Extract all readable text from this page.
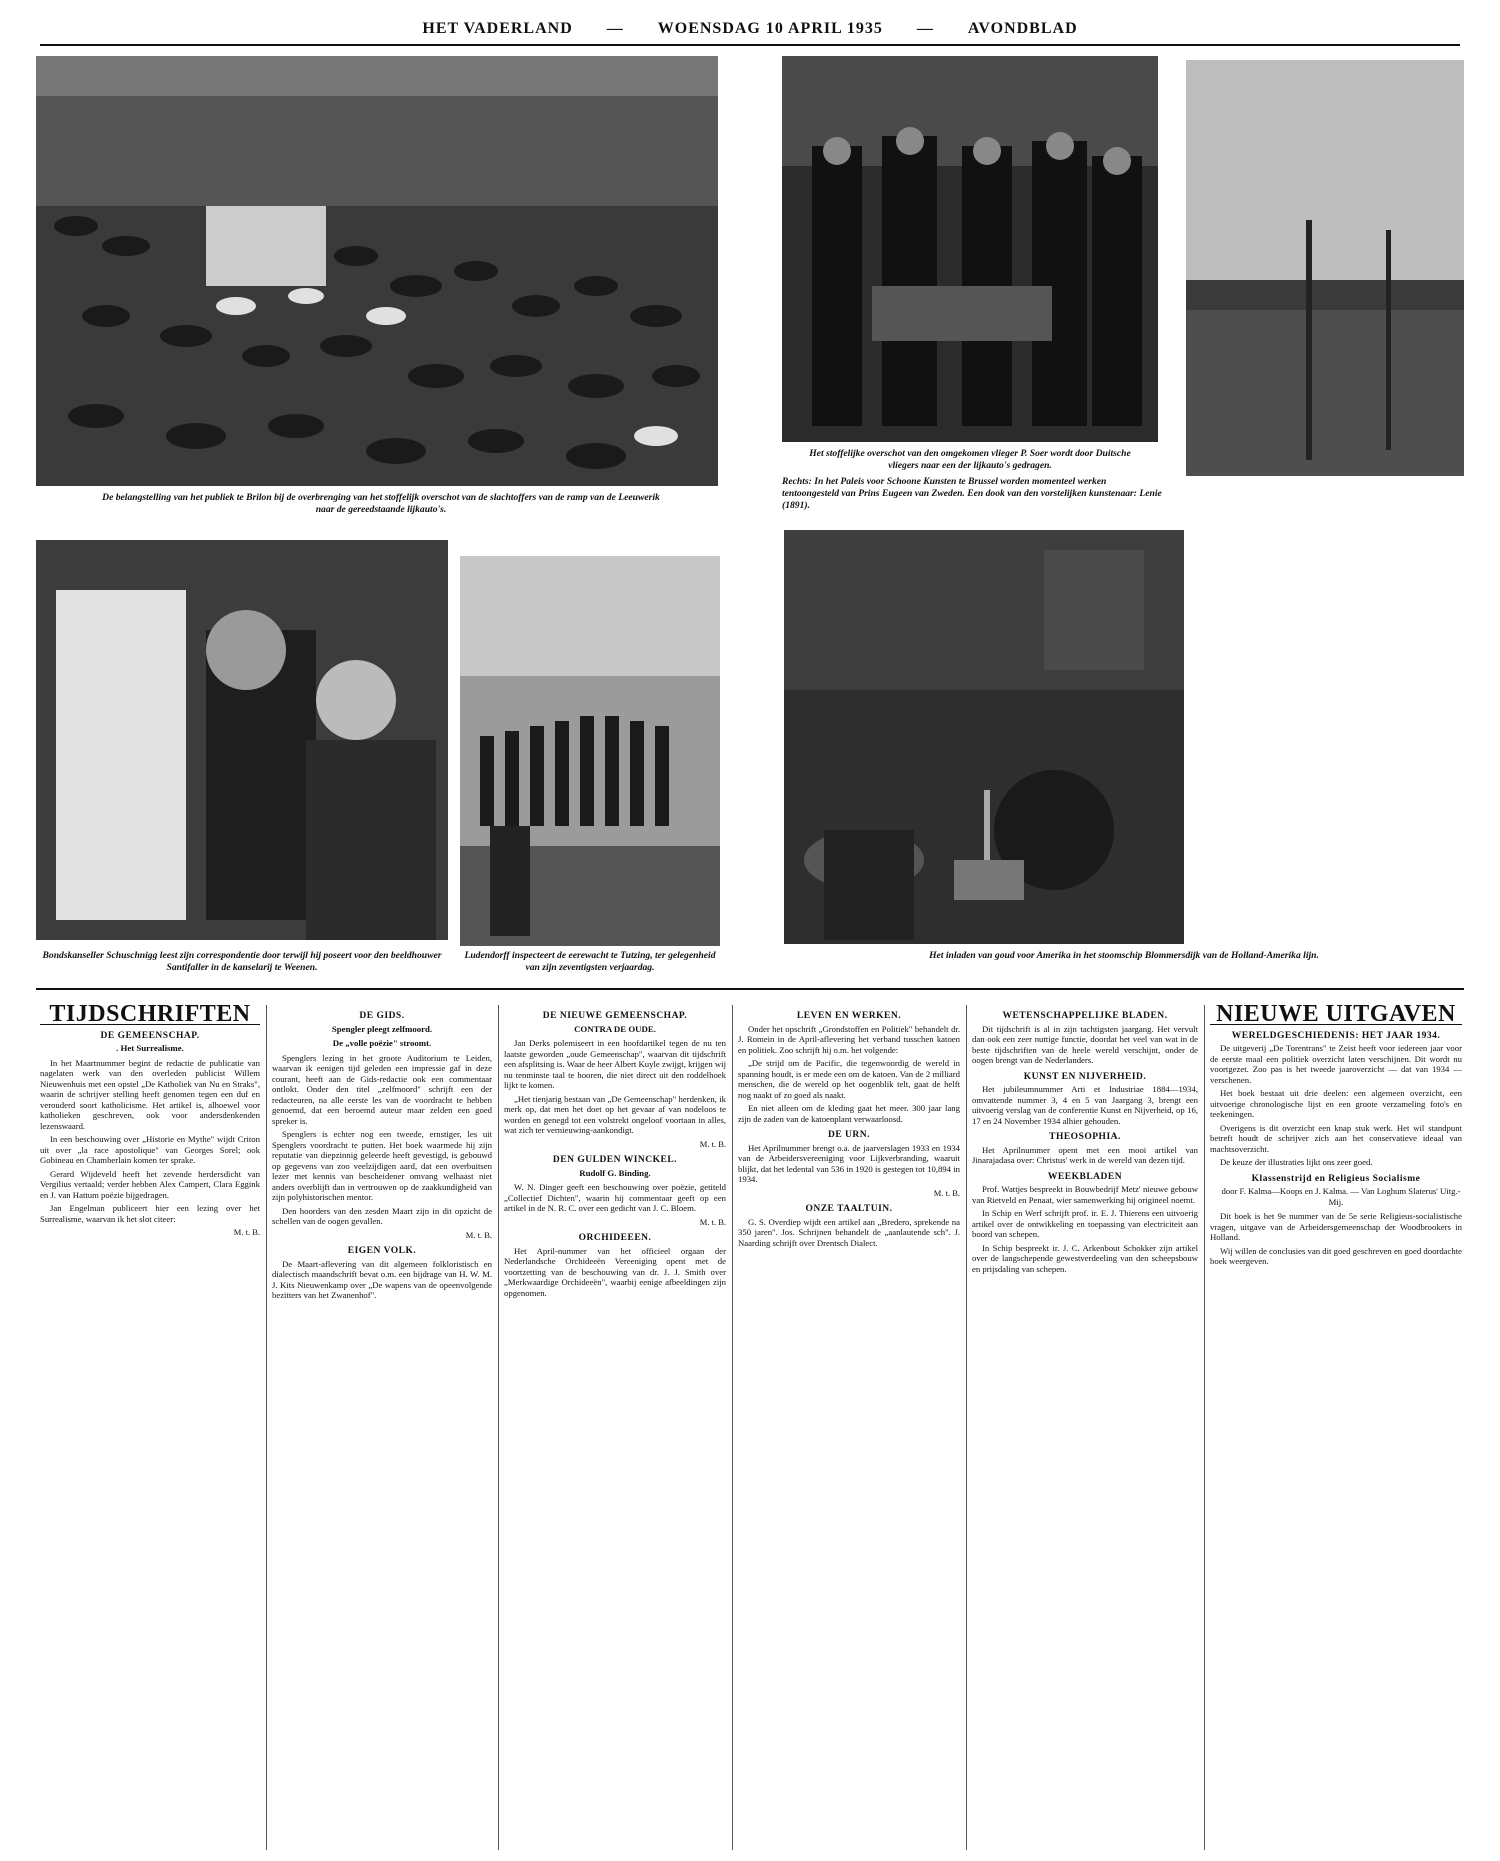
HET VADERLAND — WOENSDAG 10 APRIL 1935 — AVONDBLAD
De belangstelling van het publiek te Brilon bij de overbrenging van het stoffelijk overschot van de slachtoffers van de ramp van de Leeuwerik naar de gereedstaande lijkauto's.
Het stoffelijke overschot van den omgekomen vlieger P. Soer wordt door Duitsche vliegers naar een der lijkauto's gedragen.
Rechts: In het Paleis voor Schoone Kunsten te Brussel worden momenteel werken tentoongesteld van Prins Eugeen van Zweden. Een dook van den vorstelijken kunstenaar: Lenie (1891).
Bondskanseller Schuschnigg leest zijn correspondentie door terwijl hij poseert voor den beeldhouwer Santifaller in de kanselarij te Weenen.
Ludendorff inspecteert de eerewacht te Tutzing, ter gelegenheid van zijn zeventigsten verjaardag.
Het inladen van goud voor Amerika in het stoomschip Blommersdijk van de Holland-Amerika lijn.
TIJDSCHRIFTEN
DE GEMEENSCHAP.
. Het Surrealisme.

In het Maartnummer begint de redactie de publicatie van nagelaten werk van den overleden publicist Willem Nieuwenhuis met een opstel „De Katholiek van Nu en Straks", waarin de schrijver stelling heeft genomen tegen een duf en verouderd soort katholicisme. Het artikel is, alhoewel voor katholieken geschreven, ook voor andersdenkenden lezenswaard.

In een beschouwing over „Historie en Mythe" wijdt Criton uit over „la race apostolique" van Georges Sorel; ook Gobineau en Chamberlain komen ter sprake.

Gerard Wijdeveld heeft het zevende herdersdicht van Vergilius vertaald; verder hebben Alex Campert, Clara Eggink en J. van Hattum poëzie bijgedragen.

Jan Engelman publiceert hier een lezing over het Surrealisme, waarvan ik het slot citeer:

M. t. B.

DE GIDS.
Spengler pleegt zelfmoord.
De „volle poëzie" stroomt.

Spenglers lezing in het groote Auditorium te Leiden, waarvan ik eenigen tijd geleden een impressie gaf in deze courant, heeft aan de Gids-redactie ook een commentaar ontlokt. Onder den titel „zelfmoord" schrijft een der redacteuren, na alle eerste les van de voordracht te hebben genoemd, dat een beroemd auteur maar zelden een goed spreker is.

Spenglers is echter nog een tweede, ernstiger, les uit Spenglers voordracht te putten. Het boek waarmede hij zijn reputatie van diepzinnig geleerde heeft gevestigd, is gebouwd op gegevens van zoo veelzijdigen aard, dat een overbuitsen lezer met kennis van bescheidener omvang welhaast niet anders overblijft dan in vertrouwen op de zaakkundigheid van zijn polyhistorischen mentor.

Den hoorders van den zesden Maart zijn in dit opzicht de schellen van de oogen gevallen.

M. t. B.

EIGEN VOLK.

De Maart-aflevering van dit algemeen folkloristisch en dialectisch maandschrift bevat o.m. een bijdrage van H. W. M. J. Kits Nieuwenkamp over „De wapens van de opeenvolgende bezitters van het Zwanenhof".

DE NIEUWE GEMEENSCHAP.
CONTRA DE OUDE.

Jan Derks polemiseert in een hoofdartikel tegen de nu ten laatste geworden „oude Gemeenschap", waarvan dit tijdschrift een afsplitsing is. Waar de heer Albert Kuyle zwijgt, krijgen wij nu tenminste taal te hooren, die niet direct uit den roddelhoek lijkt te komen.

„Het tienjarig bestaan van „De Gemeenschap" herdenken, ik merk op, dat men het doet op het gevaar af van nodeloos te worden en genegd tot een volstrekt ongeloof voortaan in alles, wat zich ter vernieuwing-aankondigt.

M. t. B.

DEN GULDEN WINCKEL.
Rudolf G. Binding.

W. N. Dinger geeft een beschouwing over poëzie, getiteld „Collectief Dichten", waarin hij commentaar geeft op een artikel in de N. R. C. over een gedicht van J. C. Bloem.

M. t. B.

ORCHIDEEEN.

Het April-nummer van het officieel orgaan der Nederlandsche Orchideeën Vereeniging opent met de voortzetting van de beschouwing van dr. J. J. Smith over „Merkwaardige Orchideeën", waarbij eenige afbeeldingen zijn opgenomen.

LEVEN EN WERKEN.

Onder het opschrift „Grondstoffen en Politiek" behandelt dr. J. Romein in de April-aflevering het verband tusschen katoen en politiek. Zoo schrijft hij o.m. het volgende:

„De strijd om de Pacific, die tegenwoordig de wereld in spanning houdt, is er mede een om de katoen. Van de 2 milliard menschen, die de wereld op het oogenblik telt, gaat de helft nog naakt of zo goed als naakt.

En niet alleen om de kleding gaat het meer. 300 jaar lang zijn de zaden van de katoenplant verwaarloosd.

DE URN.

Het Aprilnummer brengt o.a. de jaarverslagen 1933 en 1934 van de Arbeidersvereeniging voor Lijkverbranding, waaruit blijkt, dat het ledental van 536 in 1920 is gestegen tot 10,894 in 1934.

M. t. B.

ONZE TAALTUIN.

G. S. Overdiep wijdt een artikel aan „Bredero, sprekende na 350 jaren". Jos. Schrijnen behandelt de „aanlautende sch". J. Naarding schrijft over Drentsch Dialect.

WETENSCHAPPELIJKE BLADEN.

Dit tijdschrift is al in zijn tachtigsten jaargang. Het vervult dan ook een zeer nuttige functie, doordat het veel van wat in de beste tijdschriften van de heele wereld verschijnt, onder de oogen brengt van de Nederlanders.

KUNST EN NIJVERHEID.

Het jubileumnummer Arti et Industriae 1884—1934, omvattende nummer 3, 4 en 5 van Jaargang 3, brengt een uitvoerig verslag van de conferentie Kunst en Nijverheid, op 16, 17 en 24 November 1934 alhier gehouden.

THEOSOPHIA.

Het Aprilnummer opent met een mooi artikel van Jinarajadasa over: Christus' werk in de wereld van dezen tijd.

WEEKBLADEN

Prof. Wattjes bespreekt in Bouwbedrijf Metz' nieuwe gebouw van Rietveld en Penaat, wier samenwerking hij origineel noemt.

In Schip en Werf schrijft prof. ir. E. J. Thierens een uitvoerig artikel over de ontwikkeling en toepassing van electriciteit aan boord van schepen.

In Schip bespreekt ir. J. C. Arkenbout Schokker zijn artikel over de langschepende gewestverdeeling van den scheepsbouw en prijsdaling van schepen.

NIEUWE UITGAVEN
WERELDGESCHIEDENIS: HET JAAR 1934.

De uitgeverij „De Torentrans" te Zeist heeft voor iedereen jaar voor de eerste maal een politiek overzicht laten verschijnen. Dit wordt nu voortgezet. Zoo pas is het tweede jaaroverzicht — dat van 1934 — verschenen.

Het boek bestaat uit drie deelen: een algemeen overzicht, een uitvoerige chronologische lijst en een groote verzameling foto's en teekeningen.

Overigens is dit overzicht een knap stuk werk. Het wil standpunt betreft houdt de schrijver zich aan het conservatieve ideaal van machtsoverzicht.

De keuze der illustraties lijkt ons zeer goed.

Klassenstrijd en Religieus Socialisme

door F. Kalma—Koops en J. Kalma. — Van Loghum Slaterus' Uitg.-Mij.

Dit boek is het 9e nummer van de 5e serie Religieus-socialistische vragen, uitgave van de Arbeidersgemeenschap der Woodbrookers in Holland.

Wij willen de conclusies van dit goed geschreven en goed doordachte boek weergeven.
